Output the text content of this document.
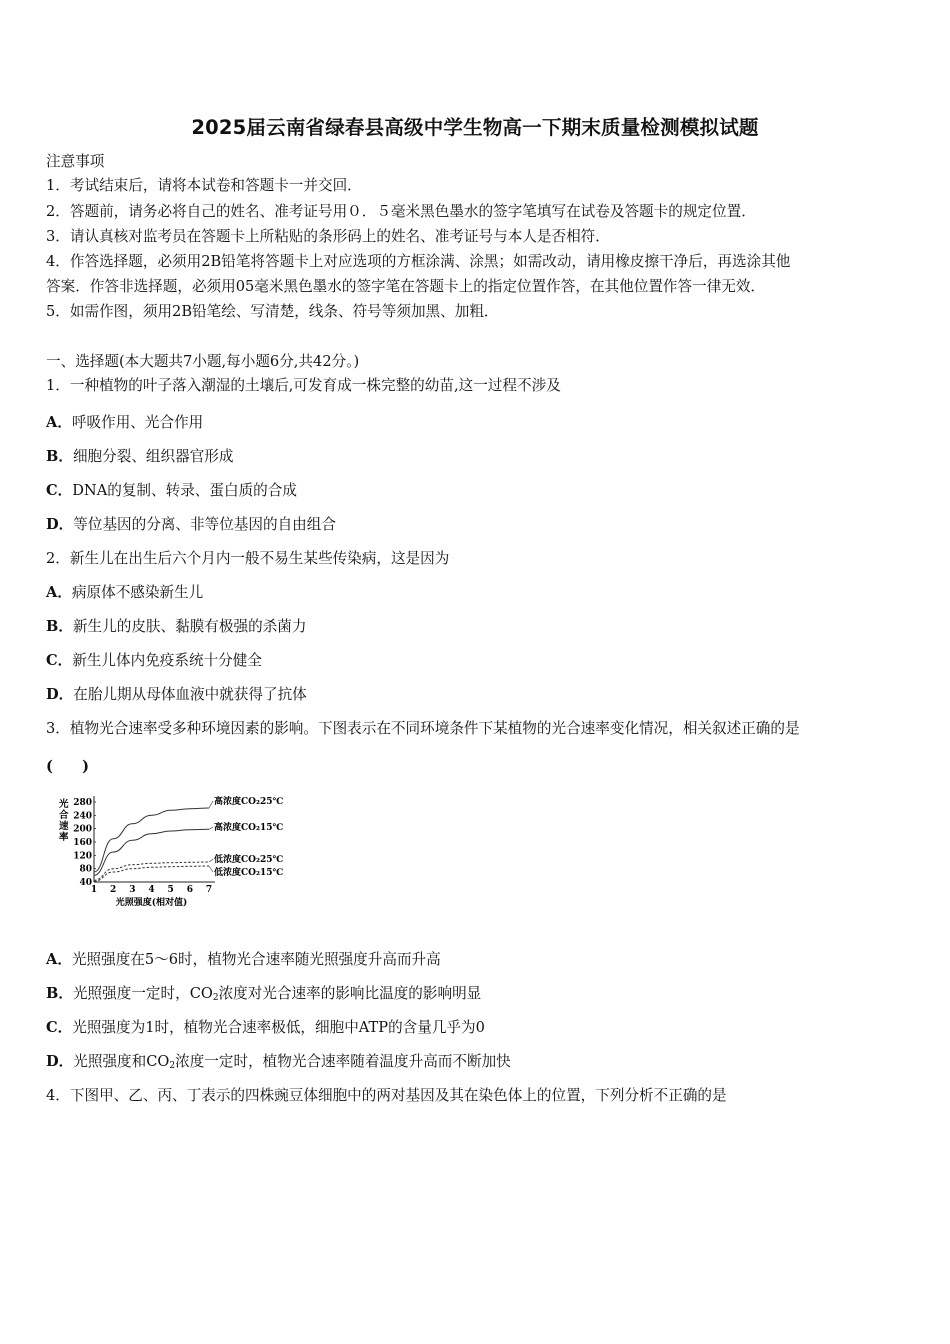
2025届云南省绿春县高级中学生物高一下期末质量检测模拟试题
注意事项
1．考试结束后，请将本试卷和答题卡一并交回．
2．答题前，请务必将自己的姓名、准考证号用０．５毫米黑色墨水的签字笔填写在试卷及答题卡的规定位置．
3．请认真核对监考员在答题卡上所粘贴的条形码上的姓名、准考证号与本人是否相符．
4．作答选择题，必须用2B铅笔将答题卡上对应选项的方框涂满、涂黑；如需改动，请用橡皮擦干净后，再选涂其他
答案．作答非选择题，必须用05毫米黑色墨水的签字笔在答题卡上的指定位置作答，在其他位置作答一律无效．
5．如需作图，须用2B铅笔绘、写清楚，线条、符号等须加黑、加粗．
一、选择题(本大题共7小题,每小题6分,共42分。)
1．一种植物的叶子落入潮湿的土壤后,可发育成一株完整的幼苗,这一过程不涉及
A．呼吸作用、光合作用
B．细胞分裂、组织器官形成
C．DNA的复制、转录、蛋白质的合成
D．等位基因的分离、非等位基因的自由组合
2．新生儿在出生后六个月内一般不易生某些传染病，这是因为
A．病原体不感染新生儿
B．新生儿的皮肤、黏膜有极强的杀菌力
C．新生儿体内免疫系统十分健全
D．在胎儿期从母体血液中就获得了抗体
3．植物光合速率受多种环境因素的影响。下图表示在不同环境条件下某植物的光合速率变化情况，相关叙述正确的是
(　　)
光
合
速
率
40
80
120
160
200
240
280
1 2 3 4 5 6 7
光照强度(相对值)
高浓度CO₂25℃
高浓度CO₂15℃
低浓度CO₂25℃
低浓度CO₂15℃
A．光照强度在5～6时，植物光合速率随光照强度升高而升高
B．光照强度一定时，$CO_2$浓度对光合速率的影响比温度的影响明显
C．光照强度为1时，植物光合速率极低，细胞中ATP的含量几乎为0
D．光照强度和$CO_2$浓度一定时，植物光合速率随着温度升高而不断加快
4．下图甲、乙、丙、丁表示的四株豌豆体细胞中的两对基因及其在染色体上的位置，下列分析不正确的是
